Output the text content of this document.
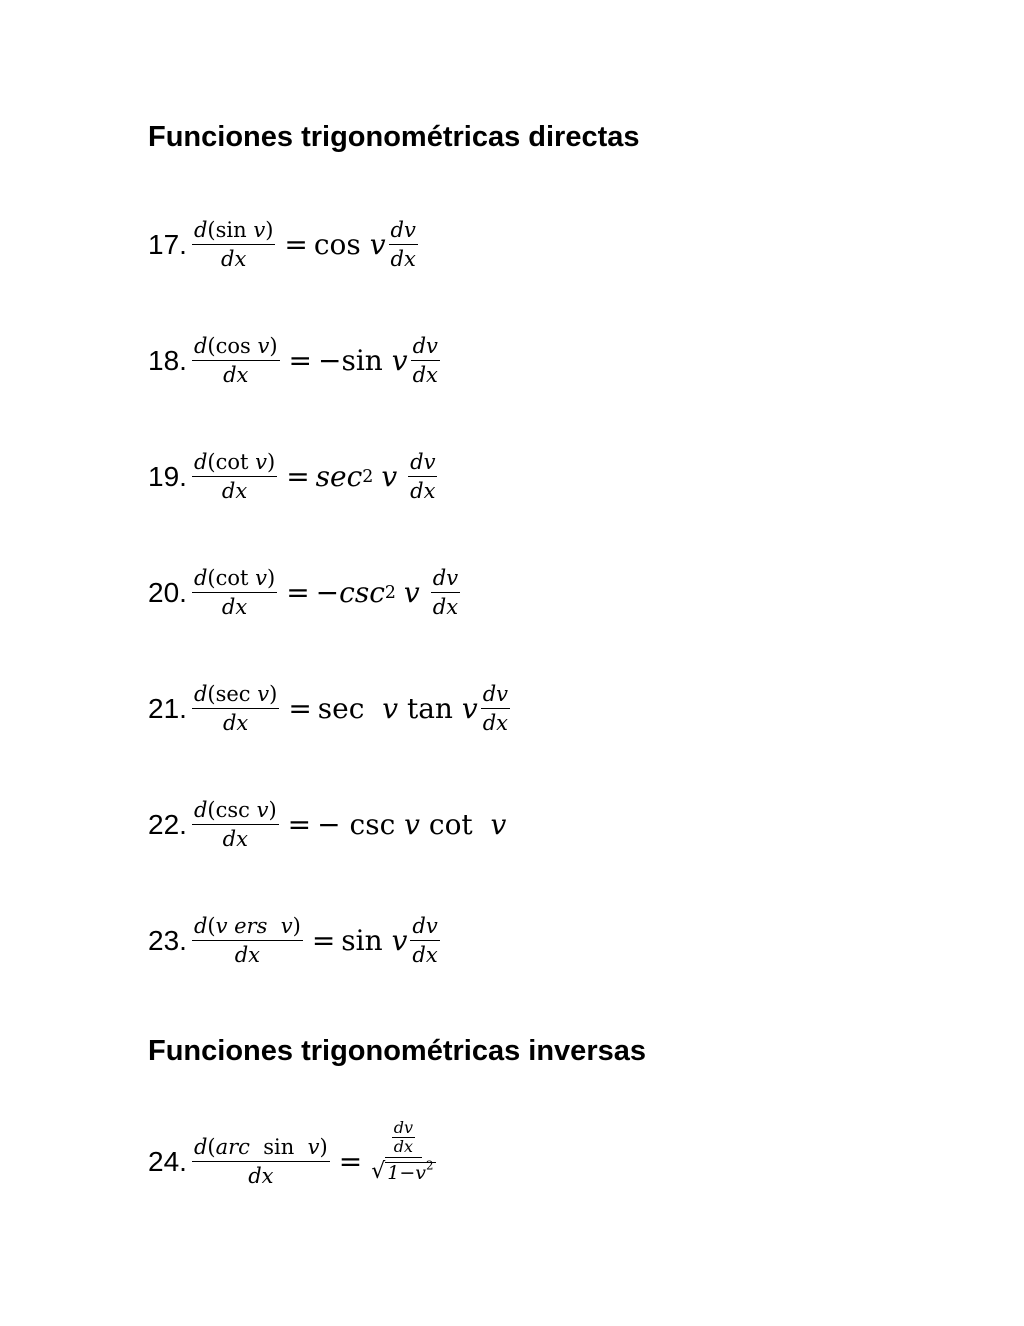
Funciones trigonométricas directas
17. $\frac{\text{d(sin v)}}{dx} = \cos$
v $\frac{dv}{dx}$
18. $\frac{\text{d(cos v)}}{dx}$ = − sin
v $\frac{dv}{dx}$
19. $\frac{\text{d(cot v)}}{dx} = \sec 2$ v $\frac{dv}{dx}$
20. $\frac{\text{d(cot v)}}{dx}$ = − csc 2 v $\frac{dv}{dx}$
21. $\frac{\text{d(sec v)}}{dx} = \sec$
v
tan
v $\frac{dv}{dx}$
22. $\frac{\text{d(csc v)}}{dx}$ = −
csc
v
cot
v
23. $\frac{\text{d(v ers v)}}{dx} = \sin$
v $\frac{dv}{dx}$
Funciones trigonométricas inversas
24. $\frac{\text{d(arc sin v)}}{dx}$ =
$\frac{dv}{dx}$
√ $1-v^2$
